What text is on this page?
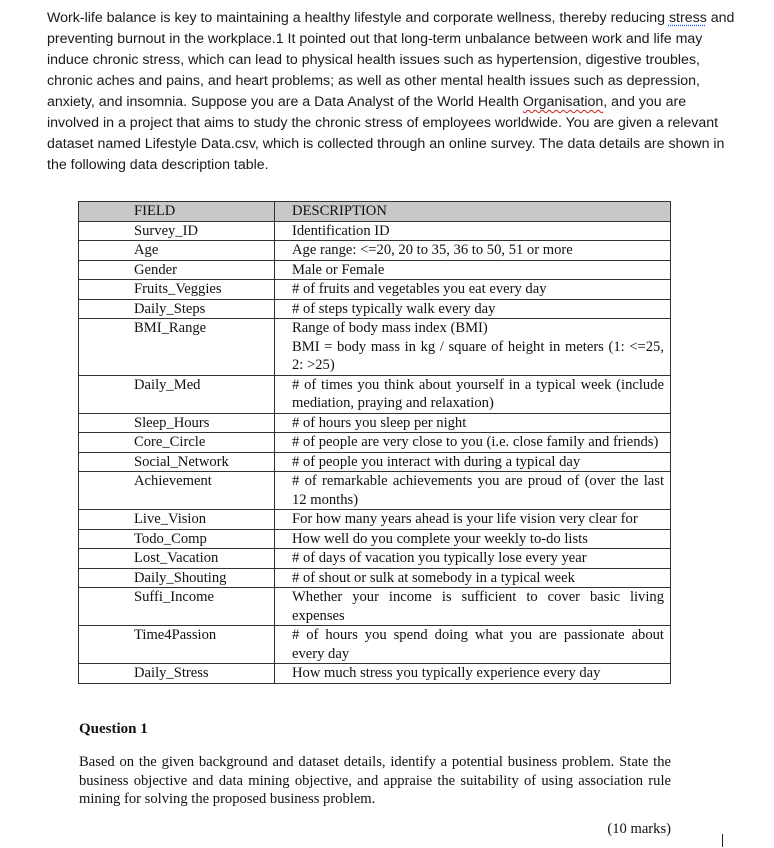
Work-life balance is key to maintaining a healthy lifestyle and corporate wellness, thereby reducing stress and preventing burnout in the workplace.1 It pointed out that long-term unbalance between work and life may induce chronic stress, which can lead to physical health issues such as hypertension, digestive troubles, chronic aches and pains, and heart problems; as well as other mental health issues such as depression, anxiety, and insomnia. Suppose you are a Data Analyst of the World Health Organisation, and you are involved in a project that aims to study the chronic stress of employees worldwide. You are given a relevant dataset named Lifestyle Data.csv, which is collected through an online survey. The data details are shown in the following data description table.
FIELD	DESCRIPTION
Survey_ID	Identification ID

Age	Age range: <=20, 20 to 35, 36 to 50, 51 or more

Gender	Male or Female

Fruits_Veggies	# of fruits and vegetables you eat every day

Daily_Steps	# of steps typically walk every day

BMI_Range	Range of body mass index (BMI)
BMI = body mass in kg / square of height in meters (1: <=25, 2: >25)

Daily_Med	# of times you think about yourself in a typical week (include mediation, praying and relaxation)

Sleep_Hours	# of hours you sleep per night

Core_Circle	# of people are very close to you (i.e. close family and friends)

Social_Network	# of people you interact with during a typical day

Achievement	# of remarkable achievements you are proud of (over the last 12 months)

Live_Vision	For how many years ahead is your life vision very clear for

Todo_Comp	How well do you complete your weekly to-do lists

Lost_Vacation	# of days of vacation you typically lose every year

Daily_Shouting	# of shout or sulk at somebody in a typical week

Suffi_Income	Whether your income is sufficient to cover basic living expenses

Time4Passion	# of hours you spend doing what you are passionate about every day

Daily_Stress	How much stress you typically experience every day
Question 1
Based on the given background and dataset details, identify a potential business problem. State the business objective and data mining objective, and appraise the suitability of using association rule mining for solving the proposed business problem.
(10 marks)
